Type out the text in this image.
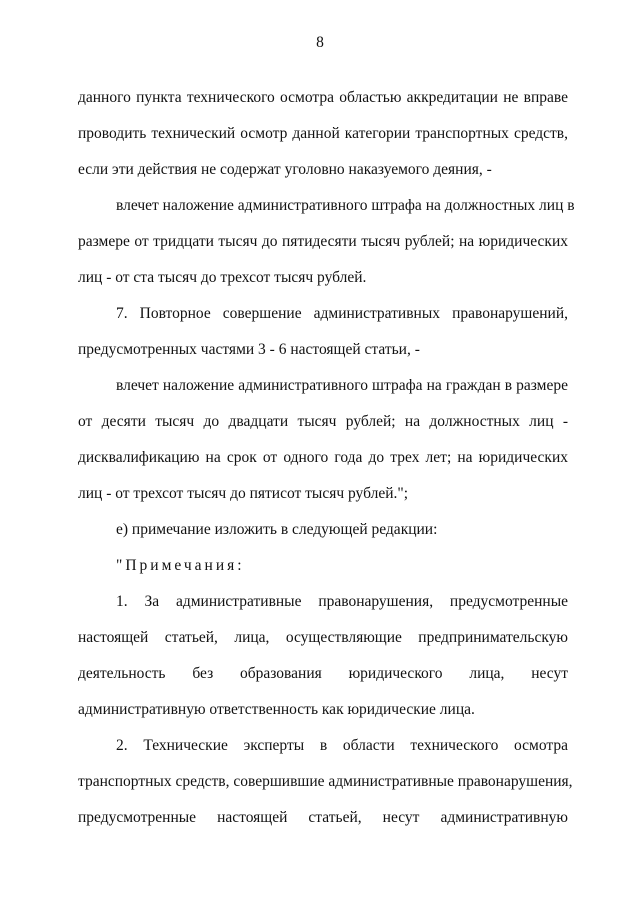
8
данного пункта технического осмотра областью аккредитации не вправе
проводить технический осмотр данной категории транспортных средств,
если эти действия не содержат уголовно наказуемого деяния, -
влечет наложение административного штрафа на должностных лиц в
размере от тридцати тысяч до пятидесяти тысяч рублей; на юридических
лиц - от ста тысяч до трехсот тысяч рублей.
7. Повторное совершение административных правонарушений,
предусмотренных частями 3 - 6 настоящей статьи, -
влечет наложение административного штрафа на граждан в размере
от десяти тысяч до двадцати тысяч рублей; на должностных лиц -
дисквалификацию на срок от одного года до трех лет; на юридических
лиц - от трехсот тысяч до пятисот тысяч рублей.";
е) примечание изложить в следующей редакции:
"Примечания:
1. За административные правонарушения, предусмотренные
настоящей статьей, лица, осуществляющие предпринимательскую
деятельность без образования юридического лица, несут
административную ответственность как юридические лица.
2. Технические эксперты в области технического осмотра
транспортных средств, совершившие административные правонарушения,
предусмотренные настоящей статьей, несут административную
